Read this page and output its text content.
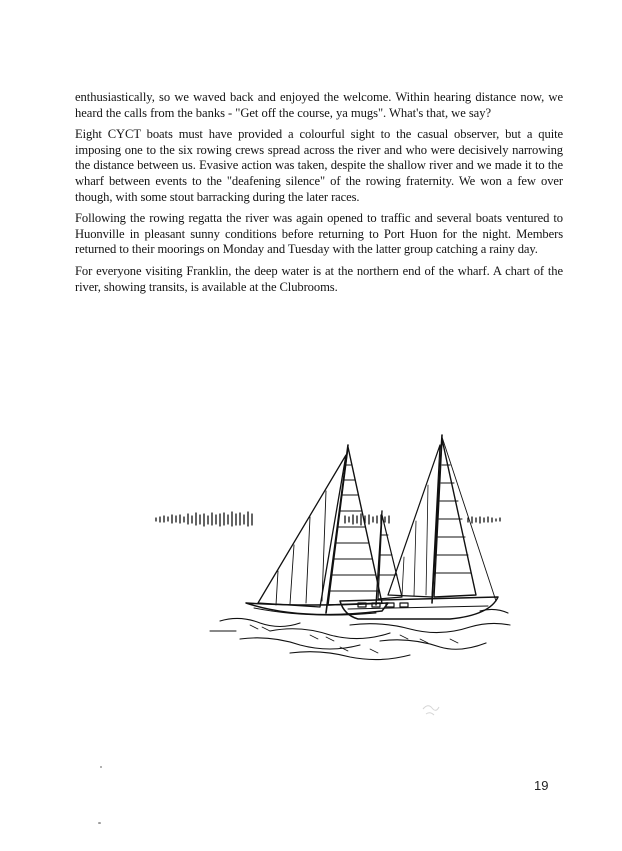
enthusiastically, so we waved back and enjoyed the welcome. Within hearing distance now, we heard the calls from the banks - "Get off the course, ya mugs". What's that, we say?

Eight CYCT boats must have provided a colourful sight to the casual observer, but a quite imposing one to the six rowing crews spread across the river and who were decisively narrowing the distance between us. Evasive action was taken, despite the shallow river and we made it to the wharf between events to the "deafening silence" of the rowing fraternity. We won a few over though, with some stout barracking during the later races.

Following the rowing regatta the river was again opened to traffic and several boats ventured to Huonville in pleasant sunny conditions before returning to Port Huon for the night. Members returned to their moorings on Monday and Tuesday with the latter group catching a rainy day.

For everyone visiting Franklin, the deep water is at the northern end of the wharf. A chart of the river, showing transits, is available at the Clubrooms.

19
